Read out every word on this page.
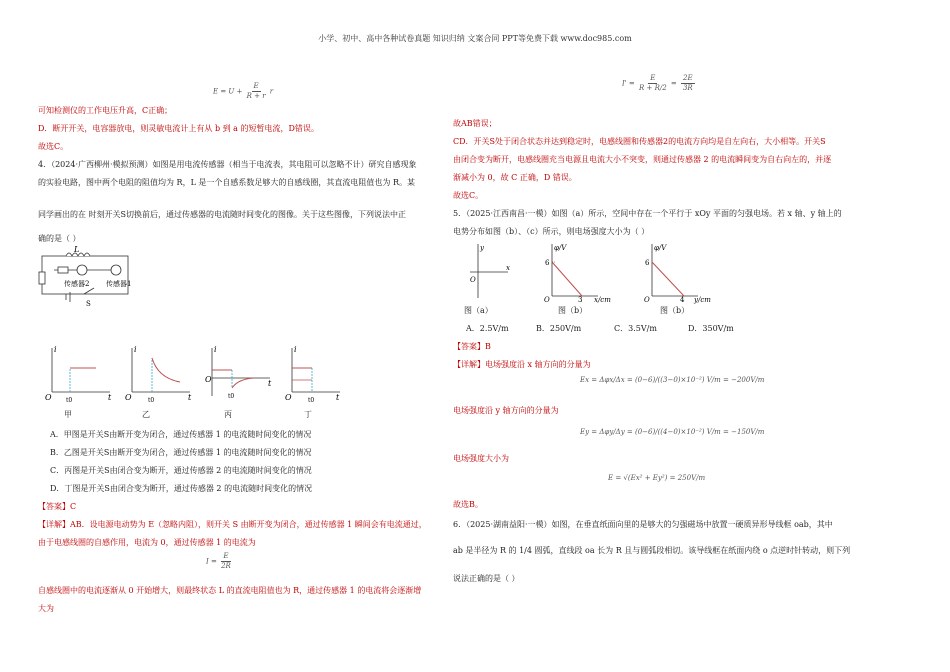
小学、初中、高中各种试卷真题 知识归纳 文案合同 PPT等免费下载 www.doc985.com
$E = U + \frac{E}{R + r}$ r
可知检测仪的工作电压升高，C正确；
D．断开开关，电容器放电，则灵敏电流计上有从 b 到 a 的短暂电流，D错误。
故选C。
4．（2024·广西柳州·模拟预测）如图是用电流传感器（相当于电流表，其电阻可以忽略不计）研究自感现象
的实验电路，图中两个电阻的阻值均为 R，L 是一个自感系数足够大的自感线圈，其直流电阻值也为 R。某
同学画出的在 时刻开关S切换前后，通过传感器的电流随时间变化的图像。关于这些图像，下列说法中正
确的是（ ）
L
传感器2 传感器1
S
O
i
t
t0	O
i
t
t0
O
i
t
t0	O
i
t
t0
甲	乙	丙	丁
A．甲图是开关S由断开变为闭合，通过传感器 1 的电流随时间变化的情况
B．乙图是开关S由断开变为闭合，通过传感器 1 的电流随时间变化的情况
C．丙图是开关S由闭合变为断开，通过传感器 2 的电流随时间变化的情况
D．丁图是开关S由闭合变为断开，通过传感器 2 的电流随时间变化的情况
【答案】C
【详解】AB．设电源电动势为 E（忽略内阻），则开关 S 由断开变为闭合，通过传感器 1 瞬间会有电流通过，
由于电感线圈的自感作用，电流为 0，通过传感器 1 的电流为
$I = \frac{E}{2R}$
自感线圈中的电流逐渐从 0 开始增大，则最终状态 L 的直流电阻值也为 R，通过传感器 1 的电流将会逐渐增
大为
$I' = \frac{E}{R + R/2} = \frac{2E}{3R}$
故AB错误；
CD．开关S处于闭合状态并达到稳定时，电感线圈和传感器2的电流方向均是自左向右，大小相等。开关S
由闭合变为断开，电感线圈充当电源且电流大小不突变，则通过传感器 2 的电流瞬间变为自右向左的，并逐
渐减小为 0，故 C 正确，D 错误。
故选C。
5．（2025·江西南昌·一模）如图（a）所示，空间中存在一个平行于 xOy 平面的匀强电场。若 x 轴、y 轴上的
电势分布如图（b）、（c）所示，则电场强度大小为（ ）
y
x
O
图（a）
φ/V
6
3 x/cm
O
图（b）
φ/V
6
4 y/cm
O
图（b）
A．2.5V/m	B．250V/m	C．3.5V/m	D．350V/m
【答案】B
【详解】电场强度沿 x 轴方向的分量为
Ex = Δφx/Δx = (0−6)/((3−0)×10⁻²) V/m = −200V/m
电场强度沿 y 轴方向的分量为
Ey = Δφy/Δy = (0−6)/((4−0)×10⁻²) V/m = −150V/m
电场强度大小为
E = √(Ex² + Ey²) = 250V/m
故选B。
6．（2025·湖南益阳·一模）如图，在垂直纸面向里的是够大的匀强磁场中放置一硬质异形导线框 oab，其中
ab 是半径为 R 的 1/4 圆弧，直线段 oa 长为 R 且与圆弧段相切。该导线框在纸面内绕 o 点逆时针转动，则下列
说法正确的是（ ）
